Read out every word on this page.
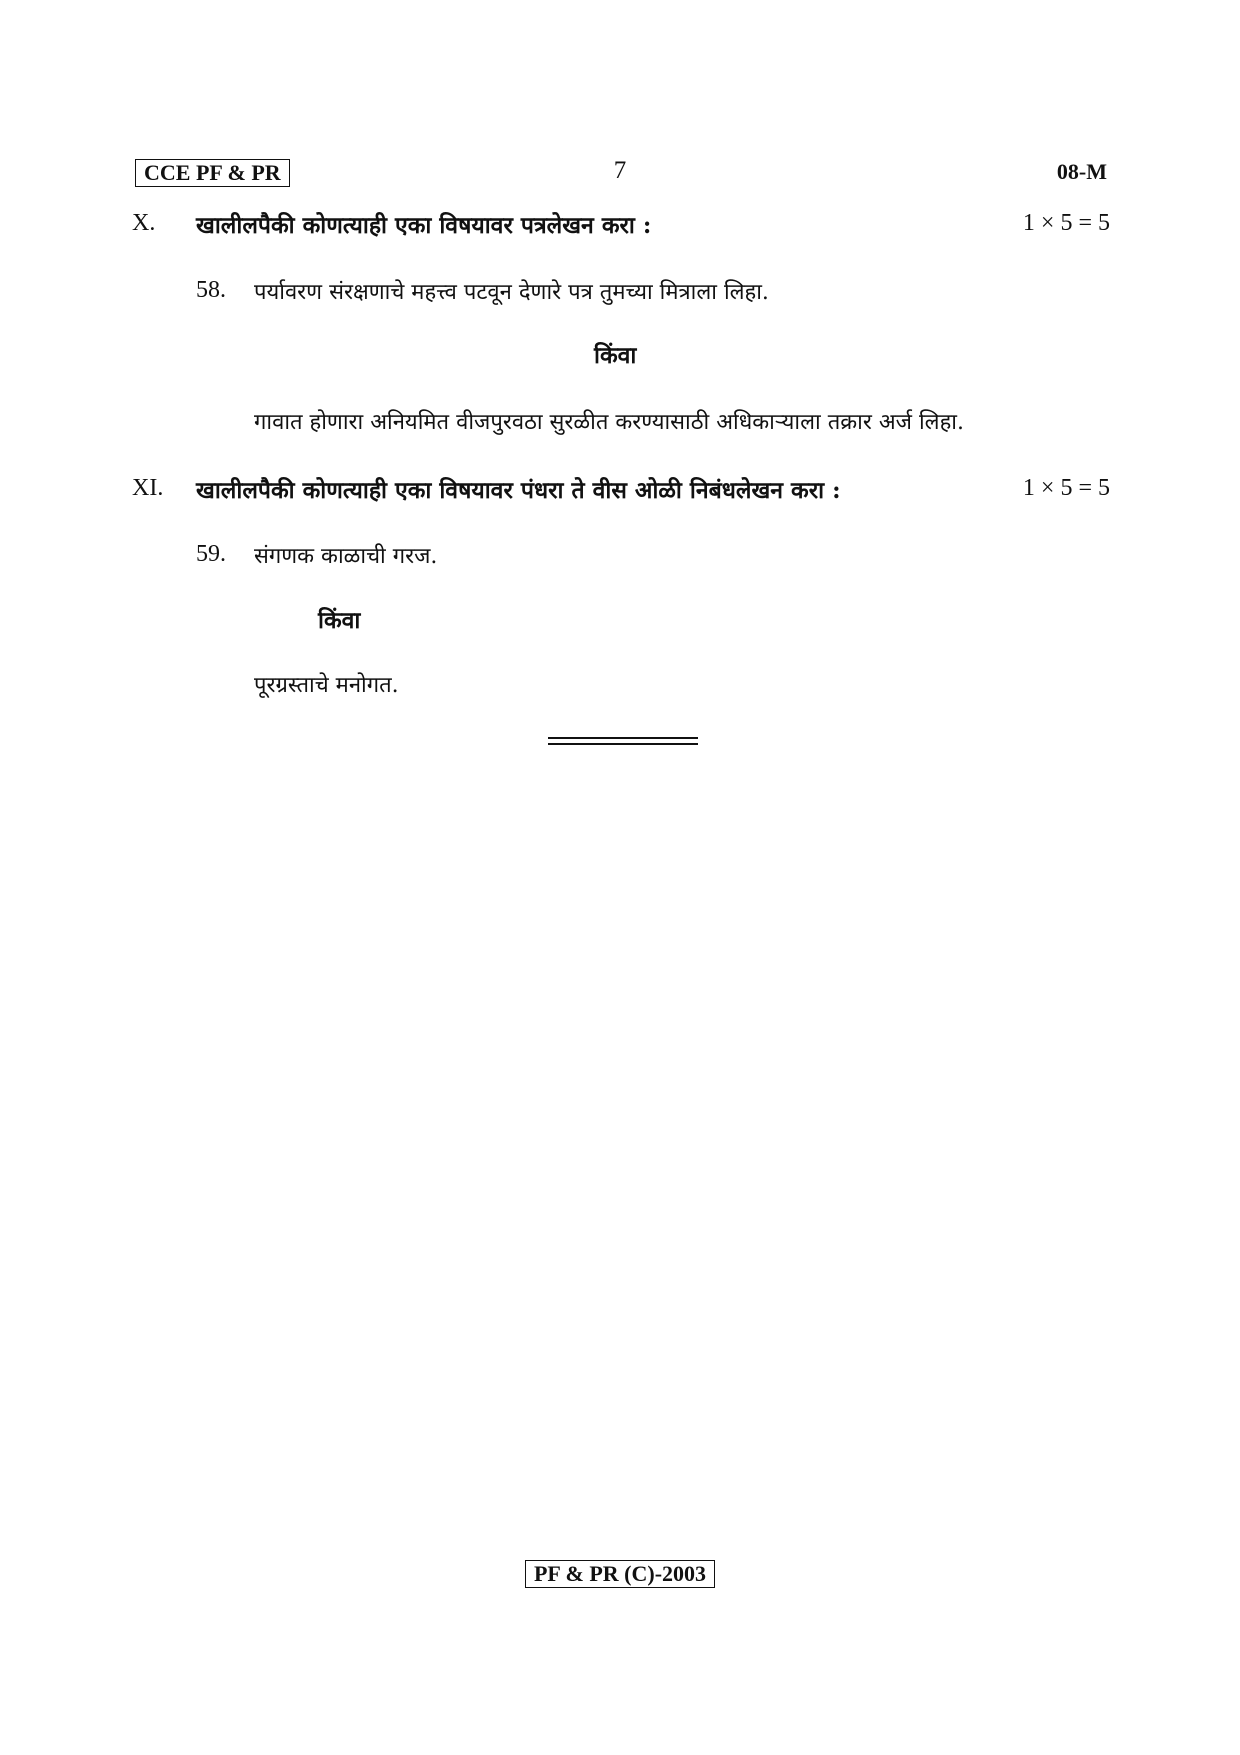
CCE PF & PR	7	08-M
X. खालीलपैकी कोणत्याही एका विषयावर पत्रलेखन करा :	1 × 5 = 5
58. पर्यावरण संरक्षणाचे महत्त्व पटवून देणारे पत्र तुमच्या मित्राला लिहा.
किंवा
गावात होणारा अनियमित वीजपुरवठा सुरळीत करण्यासाठी अधिकाऱ्याला तक्रार अर्ज लिहा.
XI. खालीलपैकी कोणत्याही एका विषयावर पंधरा ते वीस ओळी निबंधलेखन करा :	1 × 5 = 5
59. संगणक काळाची गरज.
किंवा
पूरग्रस्ताचे मनोगत.
PF & PR (C)-2003
